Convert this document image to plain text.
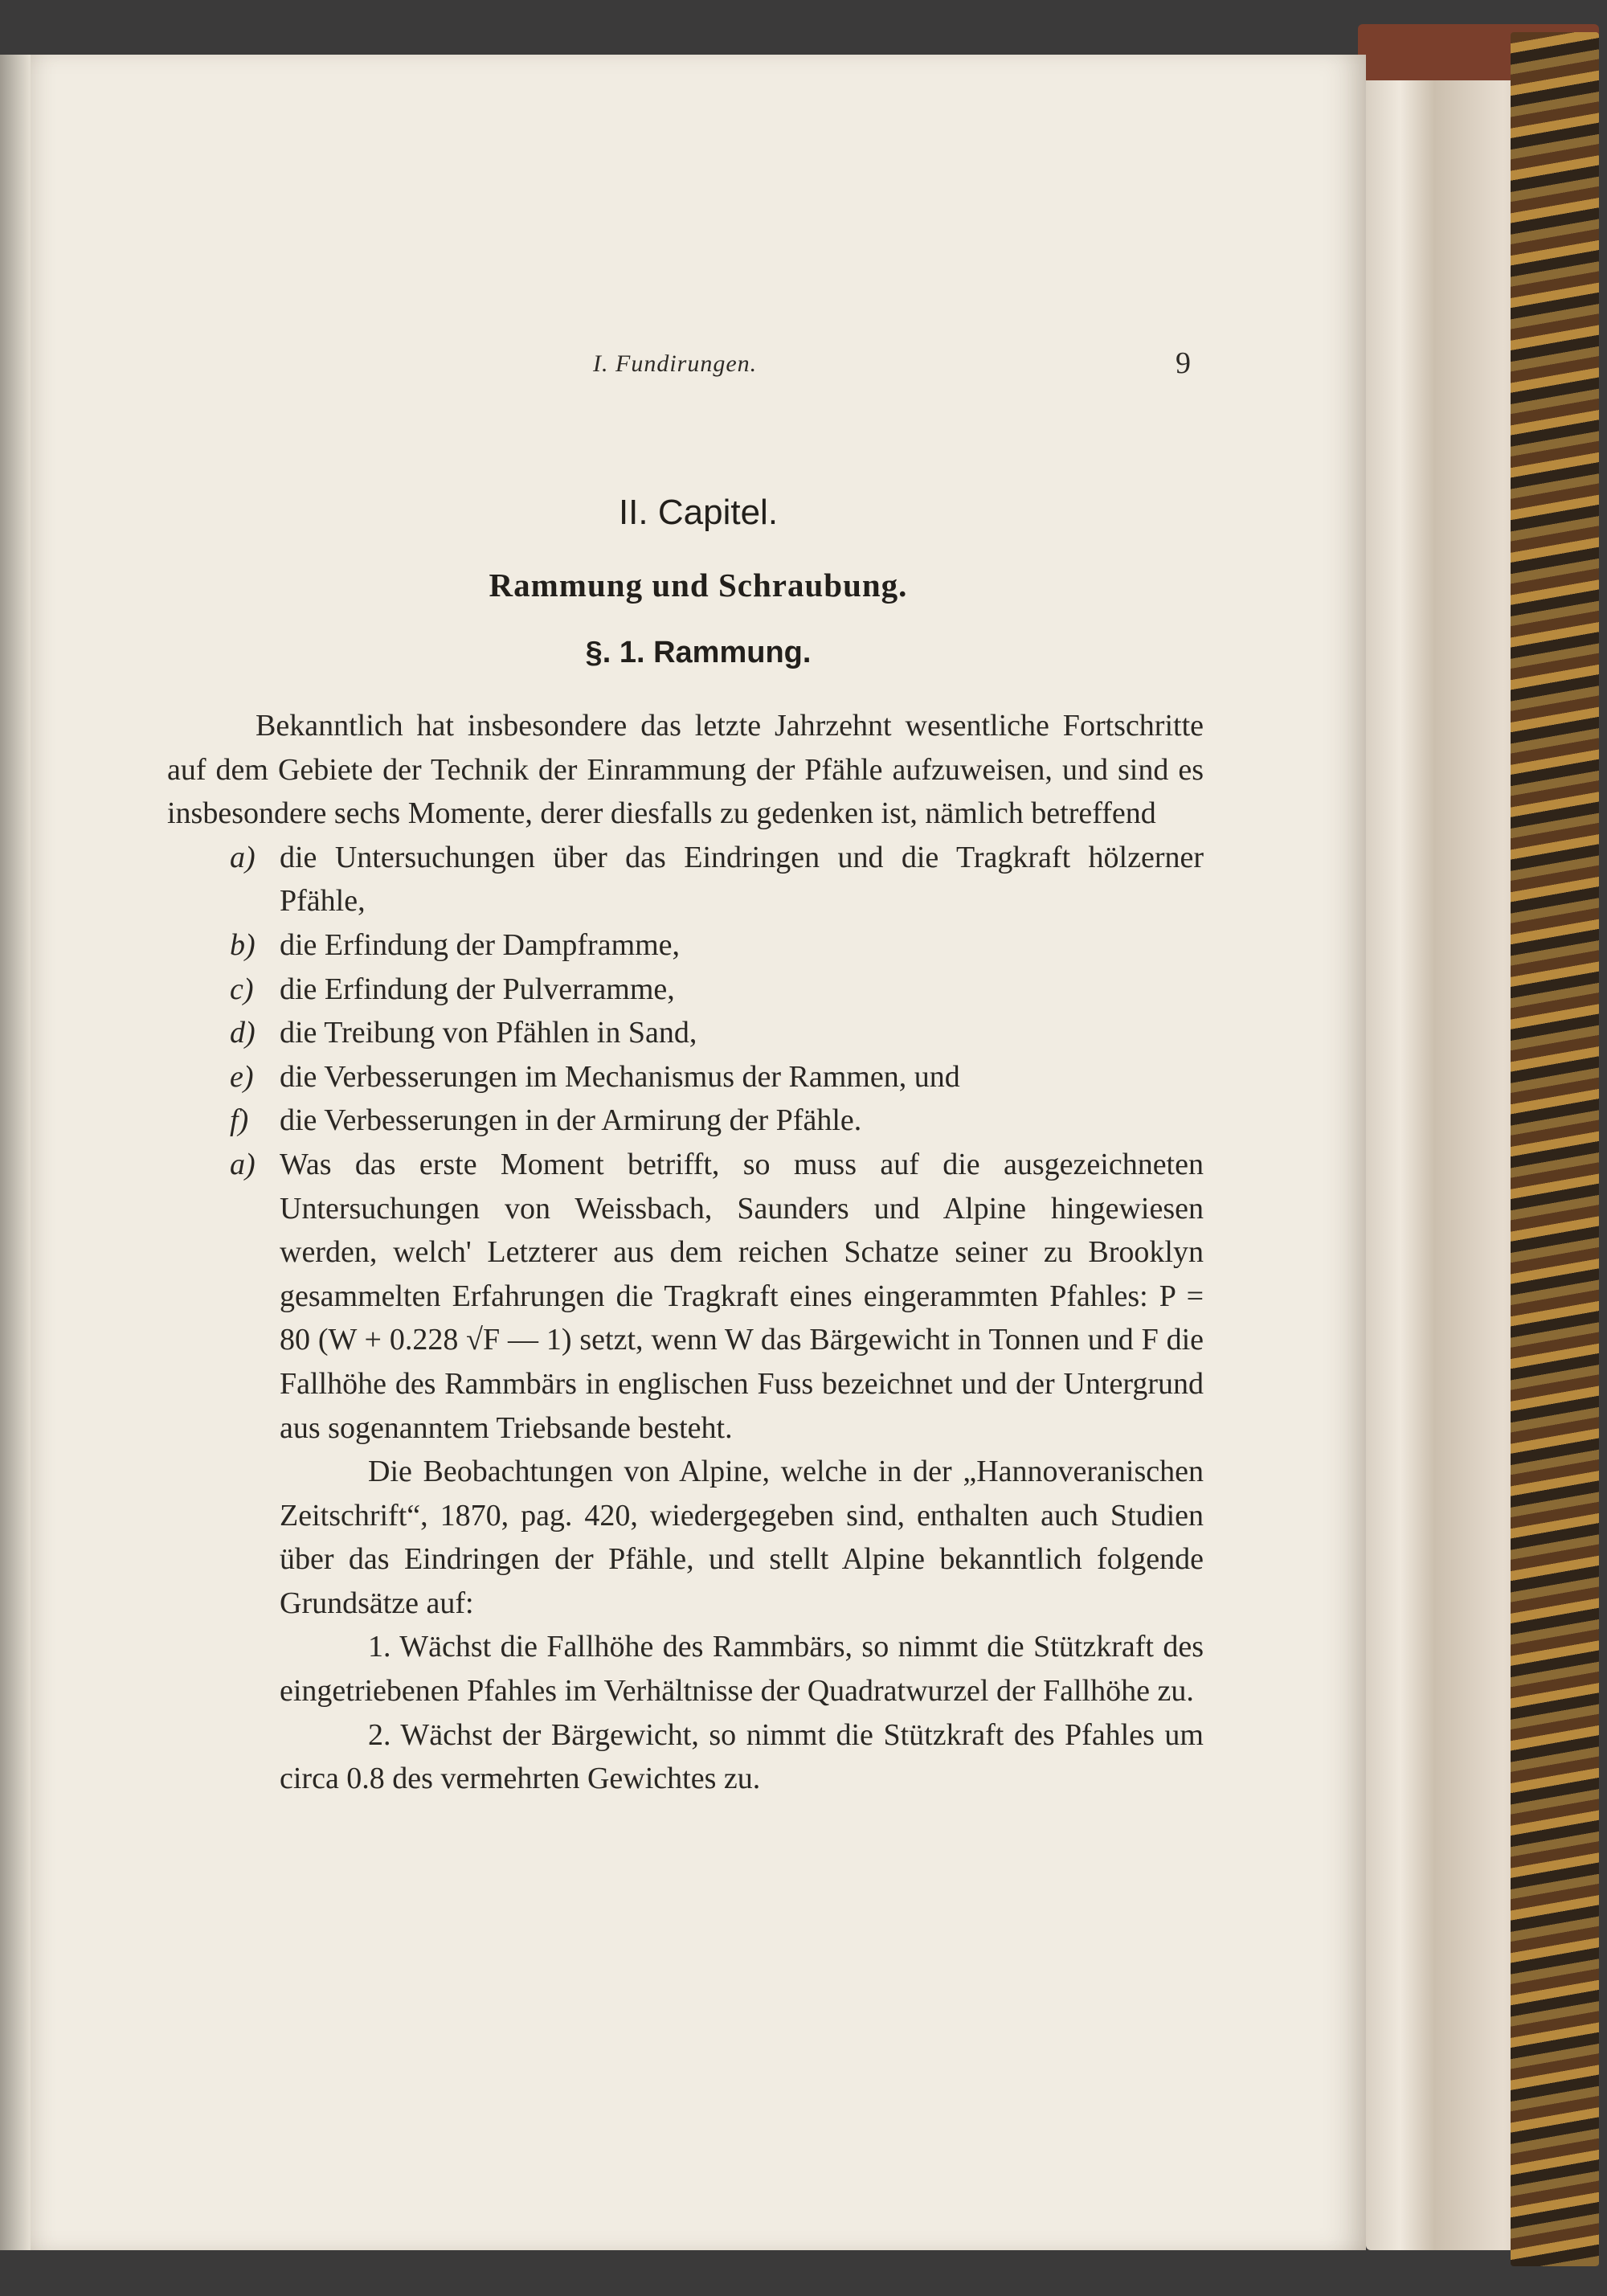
I. Fundirungen.	9
II. Capitel.
Rammung und Schraubung.
§. 1. Rammung.

Bekanntlich hat insbesondere das letzte Jahrzehnt wesentliche Fortschritte auf dem Gebiete der Technik der Einrammung der Pfähle aufzuweisen, und sind es insbesondere sechs Momente, derer diesfalls zu gedenken ist, nämlich betreffend

a) die Untersuchungen über das Eindringen und die Tragkraft hölzerner Pfähle,
b) die Erfindung der Dampframme,
c) die Erfindung der Pulverramme,
d) die Treibung von Pfählen in Sand,
e) die Verbesserungen im Mechanismus der Rammen, und
f) die Verbesserungen in der Armirung der Pfähle.
a) Was das erste Moment betrifft, so muss auf die ausgezeichneten Untersuchungen von Weissbach, Saunders und Alpine hingewiesen werden, welch' Letzterer aus dem reichen Schatze seiner zu Brooklyn gesammelten Erfahrungen die Tragkraft eines eingerammten Pfahles: P = 80 (W + 0.228 √F — 1) setzt, wenn W das Bärgewicht in Tonnen und F die Fallhöhe des Rammbärs in englischen Fuss bezeichnet und der Untergrund aus sogenanntem Triebsande besteht.
Die Beobachtungen von Alpine, welche in der „Hannoveranischen Zeitschrift“, 1870, pag. 420, wiedergegeben sind, enthalten auch Studien über das Eindringen der Pfähle, und stellt Alpine bekanntlich folgende Grundsätze auf:
1. Wächst die Fallhöhe des Rammbärs, so nimmt die Stützkraft des eingetriebenen Pfahles im Verhältnisse der Quadratwurzel der Fallhöhe zu.
2. Wächst der Bärgewicht, so nimmt die Stützkraft des Pfahles um circa 0.8 des vermehrten Gewichtes zu.
